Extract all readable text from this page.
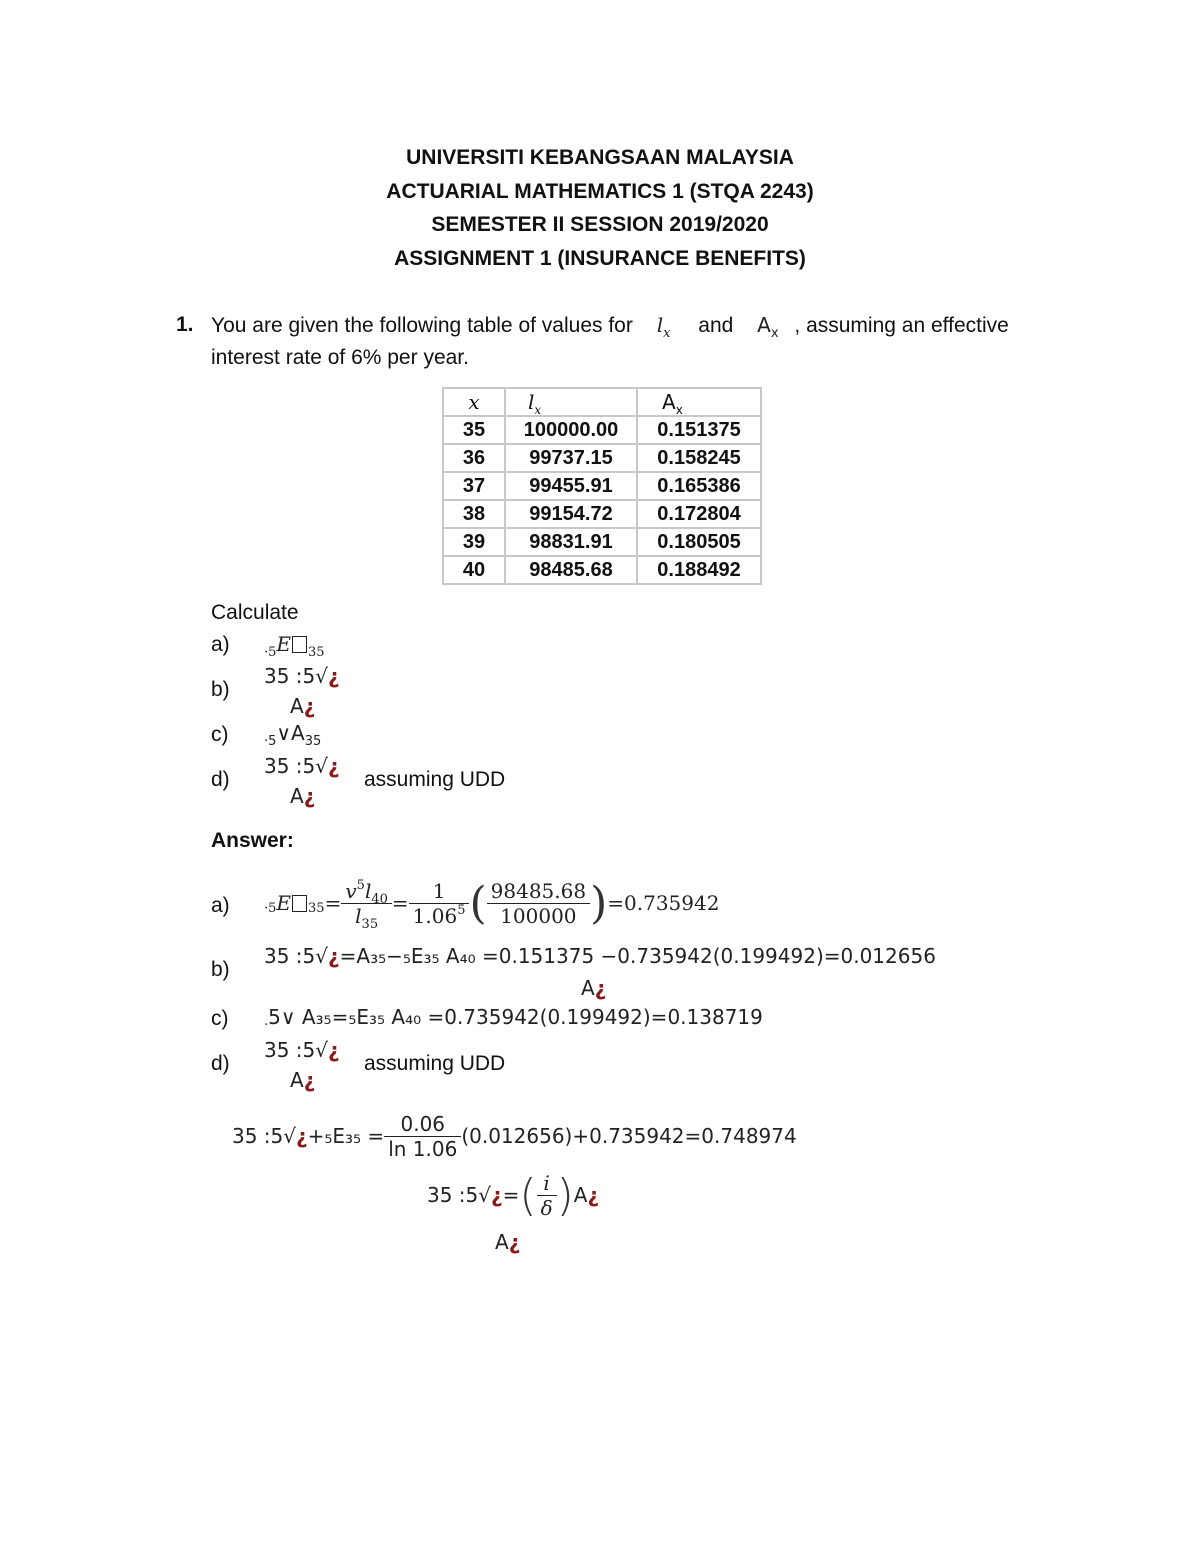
UNIVERSITI KEBANGSAAN MALAYSIA
ACTUARIAL MATHEMATICS 1 (STQA 2243)
SEMESTER II SESSION 2019/2020
ASSIGNMENT 1 (INSURANCE BENEFITS)
1. You are given the following table of values for $l_x$ and $A_x$ , assuming an effective
interest rate of 6% per year.
x	$l_x$	$A_x$
35	100000.00	0.151375
36	99737.15	0.158245
37	99455.91	0.165386
38	99154.72	0.172804
39	98831.91	0.180505
40	98485.68	0.188492
Calculate
a)	$_{\cdot 5}$E $_{35}$
b)
35 :5√¿
A¿
c)	$_{\cdot 5}\vee A_{35}$
d)
35 :5√¿
A¿
assuming UDD
Answer:
a)	· 5 E $35 = \frac{v^5l_{40}}{l_{35}} = \frac{1}{1.06^5}$ ( $\frac{98485.68}{100000}$ ) =0.735942
b)
35 :5√¿=A₃₅−₅E₃₅ A₄₀ =0.151375 −0.735942(0.199492)=0.012656
A¿
c)	$_\cdot$5∨ A₃₅=₅E₃₅ A₄₀ =0.735942(0.199492)=0.138719
d)
35 :5√¿
A¿
assuming UDD
35 :5√¿+₅E₃₅ = $\frac{0.06}{\ln 1.06} (0.012656)+0.735942=0.748974$
35 :5√¿= ( $\frac{i}{\delta}$ ) A¿
A¿
